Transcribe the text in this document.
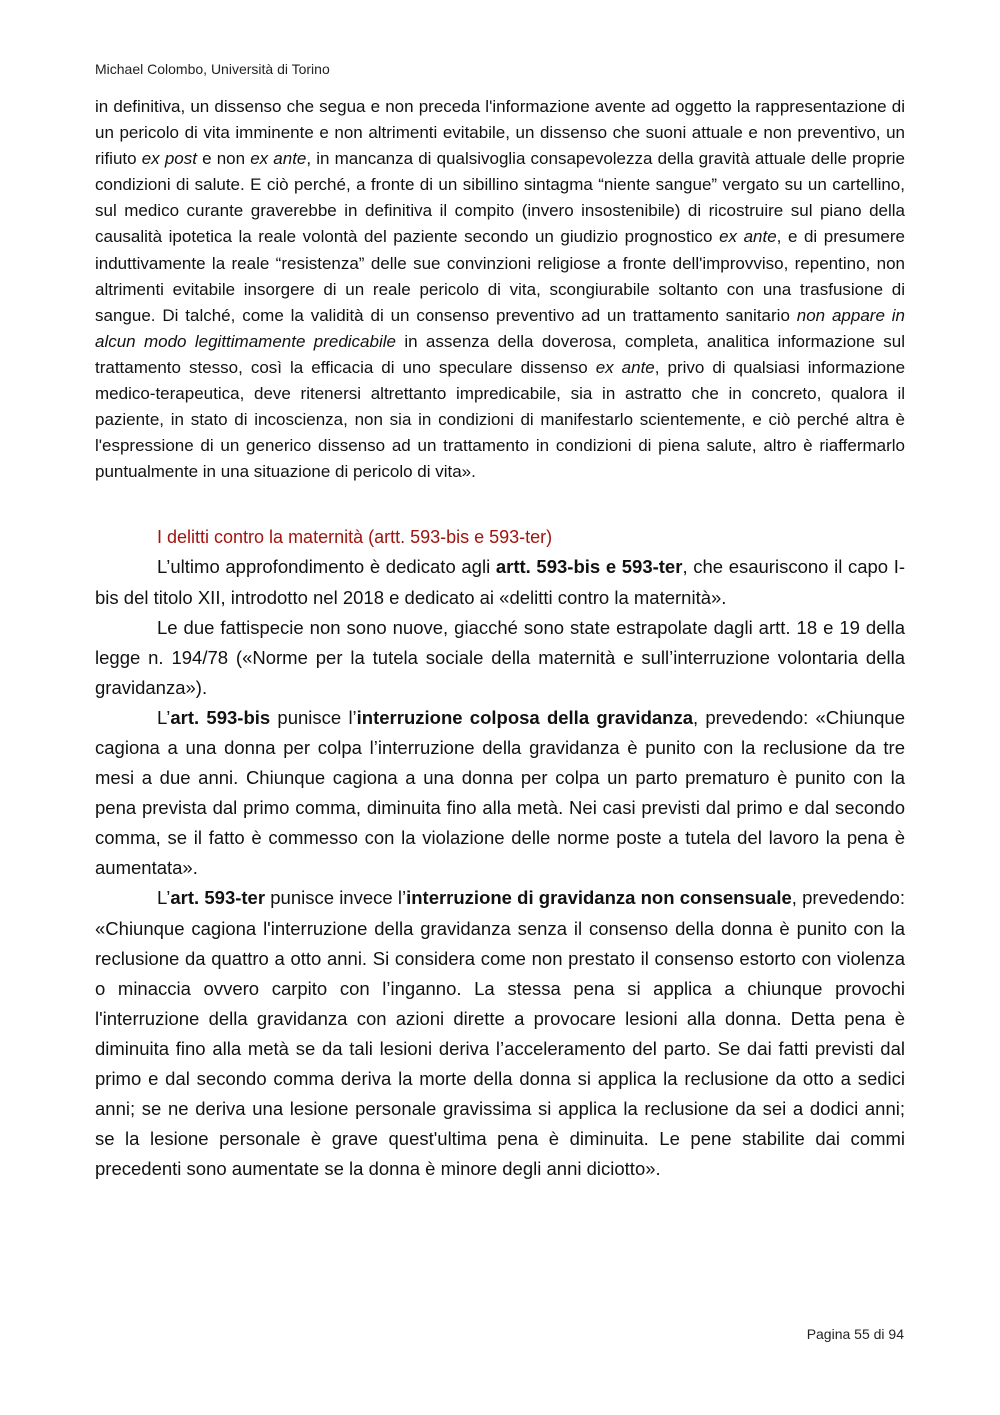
Michael Colombo, Università di Torino

in definitiva, un dissenso che segua e non preceda l'informazione avente ad oggetto la rappresentazione di un pericolo di vita imminente e non altrimenti evitabile, un dissenso che suoni attuale e non preventivo, un rifiuto ex post e non ex ante, in mancanza di qualsivoglia consapevolezza della gravità attuale delle proprie condizioni di salute. E ciò perché, a fronte di un sibillino sintagma “niente sangue” vergato su un cartellino, sul medico curante graverebbe in definitiva il compito (invero insostenibile) di ricostruire sul piano della causalità ipotetica la reale volontà del paziente secondo un giudizio prognostico ex ante, e di presumere induttivamente la reale “resistenza” delle sue convinzioni religiose a fronte dell'improvviso, repentino, non altrimenti evitabile insorgere di un reale pericolo di vita, scongiurabile soltanto con una trasfusione di sangue. Di talché, come la validità di un consenso preventivo ad un trattamento sanitario non appare in alcun modo legittimamente predicabile in assenza della doverosa, completa, analitica informazione sul trattamento stesso, così la efficacia di uno speculare dissenso ex ante, privo di qualsiasi informazione medico-terapeutica, deve ritenersi altrettanto impredicabile, sia in astratto che in concreto, qualora il paziente, in stato di incoscienza, non sia in condizioni di manifestarlo scientemente, e ciò perché altra è l'espressione di un generico dissenso ad un trattamento in condizioni di piena salute, altro è riaffermarlo puntualmente in una situazione di pericolo di vita».

I delitti contro la maternità (artt. 593-bis e 593-ter)

L’ultimo approfondimento è dedicato agli artt. 593-bis e 593-ter, che esauriscono il capo I-bis del titolo XII, introdotto nel 2018 e dedicato ai «delitti contro la maternità».

Le due fattispecie non sono nuove, giacché sono state estrapolate dagli artt. 18 e 19 della legge n. 194/78 («Norme per la tutela sociale della maternità e sull’interruzione volontaria della gravidanza»).

L’art. 593-bis punisce l’interruzione colposa della gravidanza, prevedendo: «Chiunque cagiona a una donna per colpa l’interruzione della gravidanza è punito con la reclusione da tre mesi a due anni. Chiunque cagiona a una donna per colpa un parto prematuro è punito con la pena prevista dal primo comma, diminuita fino alla metà. Nei casi previsti dal primo e dal secondo comma, se il fatto è commesso con la violazione delle norme poste a tutela del lavoro la pena è aumentata».

L’art. 593-ter punisce invece l’interruzione di gravidanza non consensuale, prevedendo: «Chiunque cagiona l'interruzione della gravidanza senza il consenso della donna è punito con la reclusione da quattro a otto anni. Si considera come non prestato il consenso estorto con violenza o minaccia ovvero carpito con l’inganno. La stessa pena si applica a chiunque provochi l'interruzione della gravidanza con azioni dirette a provocare lesioni alla donna. Detta pena è diminuita fino alla metà se da tali lesioni deriva l’acceleramento del parto. Se dai fatti previsti dal primo e dal secondo comma deriva la morte della donna si applica la reclusione da otto a sedici anni; se ne deriva una lesione personale gravissima si applica la reclusione da sei a dodici anni; se la lesione personale è grave quest'ultima pena è diminuita. Le pene stabilite dai commi precedenti sono aumentate se la donna è minore degli anni diciotto».

Pagina 55 di 94
